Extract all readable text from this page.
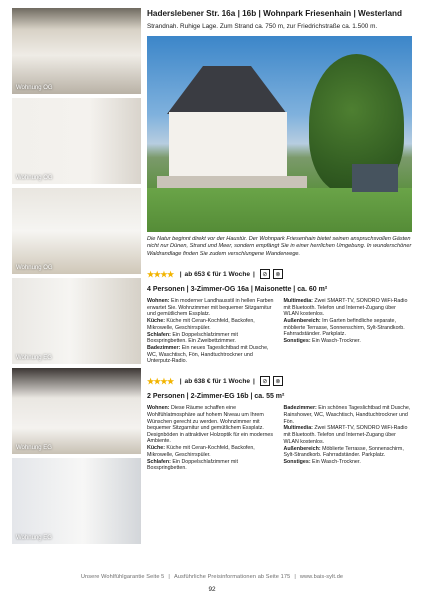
Wohnung OG
Wohnung OG
Wohnung OG
Wohnung EG
Wohnung EG
Wohnung EG
Haderslebener Str. 16a | 16b | Wohnpark Friesenhain | Westerland

Strandnah. Ruhige Lage. Zum Strand ca. 750 m, zur Friedrichstraße ca. 1.500 m.

Die Natur beginnt direkt vor der Haustür. Der Wohnpark Friesenhain bietet seinen anspruchsvollen Gästen nicht nur Dünen, Strand und Meer, sondern empfängt Sie in einer herrlichen Umgebung. In wunderschöner Waldrandlage finden Sie zudem verschlungene Wanderwege.

★★★★ | ab 653 € für 1 Woche |	⊘	⊗
4 Personen | 3-Zimmer-OG 16a | Maisonette | ca. 60 m²

Wohnen: Ein moderner Landhausstil in hellen Farben erwartet Sie. Wohnzimmer mit bequemer Sitzgarnitur und gemütlichem Essplatz.

Küche: Küche mit Ceran-Kochfeld, Backofen, Mikrowelle, Geschirrspüler.

Schlafen: Ein Doppelschlafzimmer mit Boxspringbetten. Ein Zweibettzimmer.

Badezimmer: Ein neues Tageslichtbad mit Dusche, WC, Waschtisch, Fön, Handtuchtrockner und Unterputz-Radio.

Multimedia: Zwei SMART-TV, SONORO WiFi-Radio mit Bluetooth. Telefon und Internet-Zugang über WLAN kostenlos.

Außenbereich: Im Garten befindliche separate, möblierte Terrasse, Sonnenschirm, Sylt-Strandkorb. Fahrradständer. Parkplatz.

Sonstiges: Ein Wasch-Trockner.

★★★★ | ab 638 € für 1 Woche |	⊘	⊗
2 Personen | 2-Zimmer-EG 16b | ca. 55 m²

Wohnen: Diese Räume schaffen eine Wohlfühlatmosphäre auf hohem Niveau um Ihrem Wünschen gerecht zu werden. Wohnzimmer mit bequemer Sitzgarnitur und gemütlichem Essplatz. Designböden in attraktiver Holzoptik für ein modernes Ambiente.

Küche: Küche mit Ceran-Kochfeld, Backofen, Mikrowelle, Geschirrspüler.

Schlafen: Ein Doppelschlafzimmer mit Boxspringbetten.

Badezimmer: Ein schönes Tageslichtbad mit Dusche, Rainshower, WC, Waschtisch, Handtuchtrockner und Fön.

Multimedia: Zwei SMART-TV, SONORO WiFi-Radio mit Bluetooth. Telefon und Internet-Zugang über WLAN kostenlos.

Außenbereich: Möblierte Terrasse, Sonnenschirm, Sylt-Strandkorb. Fahrradständer. Parkplatz.

Sonstiges: Ein Wasch-Trockner.

Unsere Wohlfühlgarantie Seite 5 | Ausführliche Preisinformationen ab Seite 175 | www.bais-sylt.de
92
